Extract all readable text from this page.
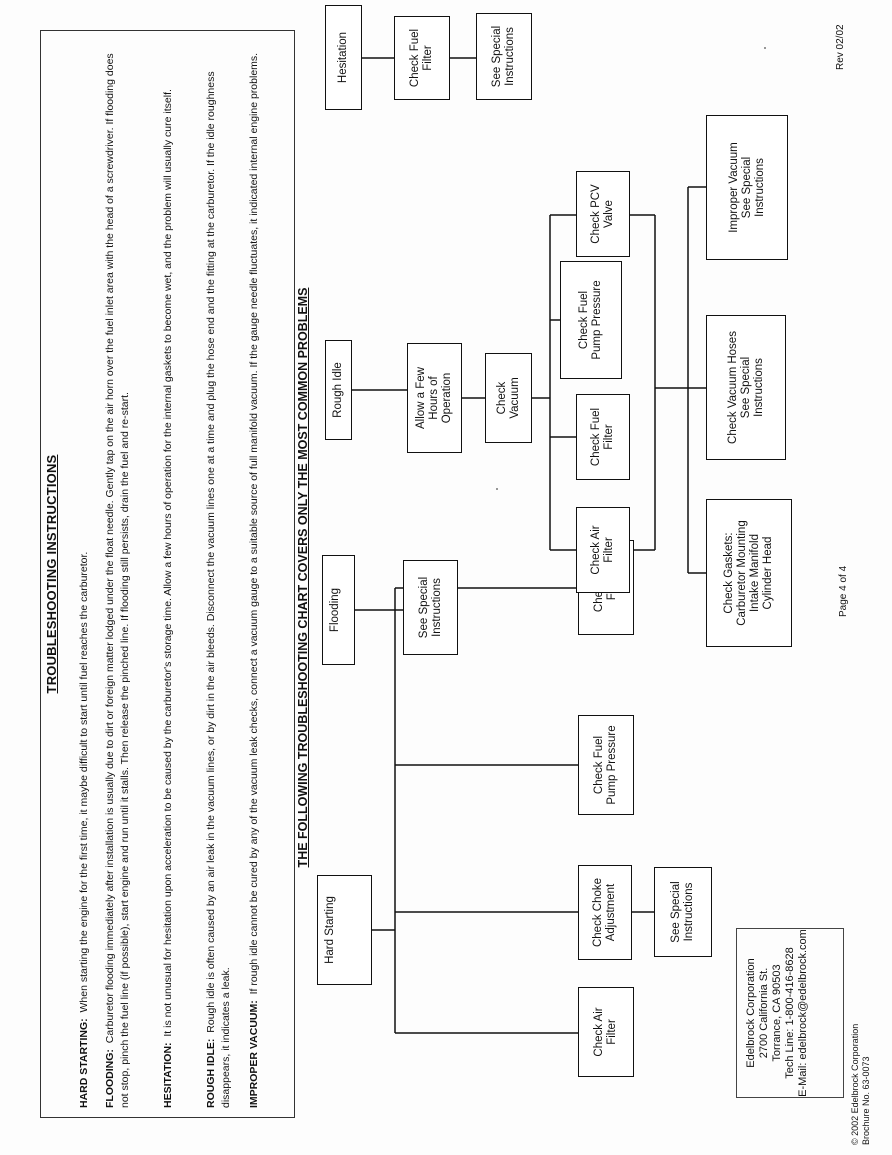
TROUBLESHOOTING INSTRUCTIONS
HARD STARTING:  When starting the engine for the first time, it maybe difficult to start until fuel reaches the carburetor.
FLOODING:  Carburetor flooding immediately after installation is usually due to dirt or foreign matter lodged under the float needle. Gently tap on the air horn over the fuel inlet area with the head of a screwdriver. If flooding does not stop, pinch the fuel line (if possible), start engine and run until it stalls. Then release the pinched line. If flooding still persists, drain the fuel and re-start.	HESITATION:  It is not unusual for hesitation upon acceleration to be caused by the carburetor's storage time. Allow a few hours of operation for the internal gaskets to become wet, and the problem will usually cure itself.
ROUGH IDLE:  Rough idle is often caused by an air leak in the vacuum lines, or by dirt in the air bleeds. Disconnect the vacuum lines one at a time and plug the hose end and the fitting at the carburetor. If the idle roughness disappears, it indicates a leak. IMPROPER VACUUM:  If rough idle cannot be cured by any of the vacuum leak checks, connect a vacuum gauge to a suitable source of full manifold vacuum. If the gauge needle fluctuates, it indicated internal engine problems.	THE FOLLOWING TROUBLESHOOTING CHART COVERS ONLY THE MOST COMMON PROBLEMS
Hard Starting
Check Air
Filter
Check Choke
Adjustment	See Special
Instructions
Check Fuel
Pump Pressure
Flooding	See Special
Instructions
Rough Idle	Allow a Few
Hours of
Operation	Check
Vacuum
Check Air
Filter
Check Fuel
Filter
Check Fuel
Pump Pressure
Check PCV
Valve
Check Gaskets:
Carburetor Mounting
Intake Manifold
Cylinder Head
Check Vacuum Hoses
See Special
Instructions
Improper Vacuum
See Special
Instructions
Hesitation	Check Fuel
Filter
See Special
Instructions
Edelbrock Corporation 2700 California St. Torrance, CA 90503 Tech Line: 1-800-416-8628 E-Mail: edelbrock@edelbrock.com	© 2002 Edelbrock Corporation Brochure No. 63-0073
Page 4 of 4
Rev 02/02
